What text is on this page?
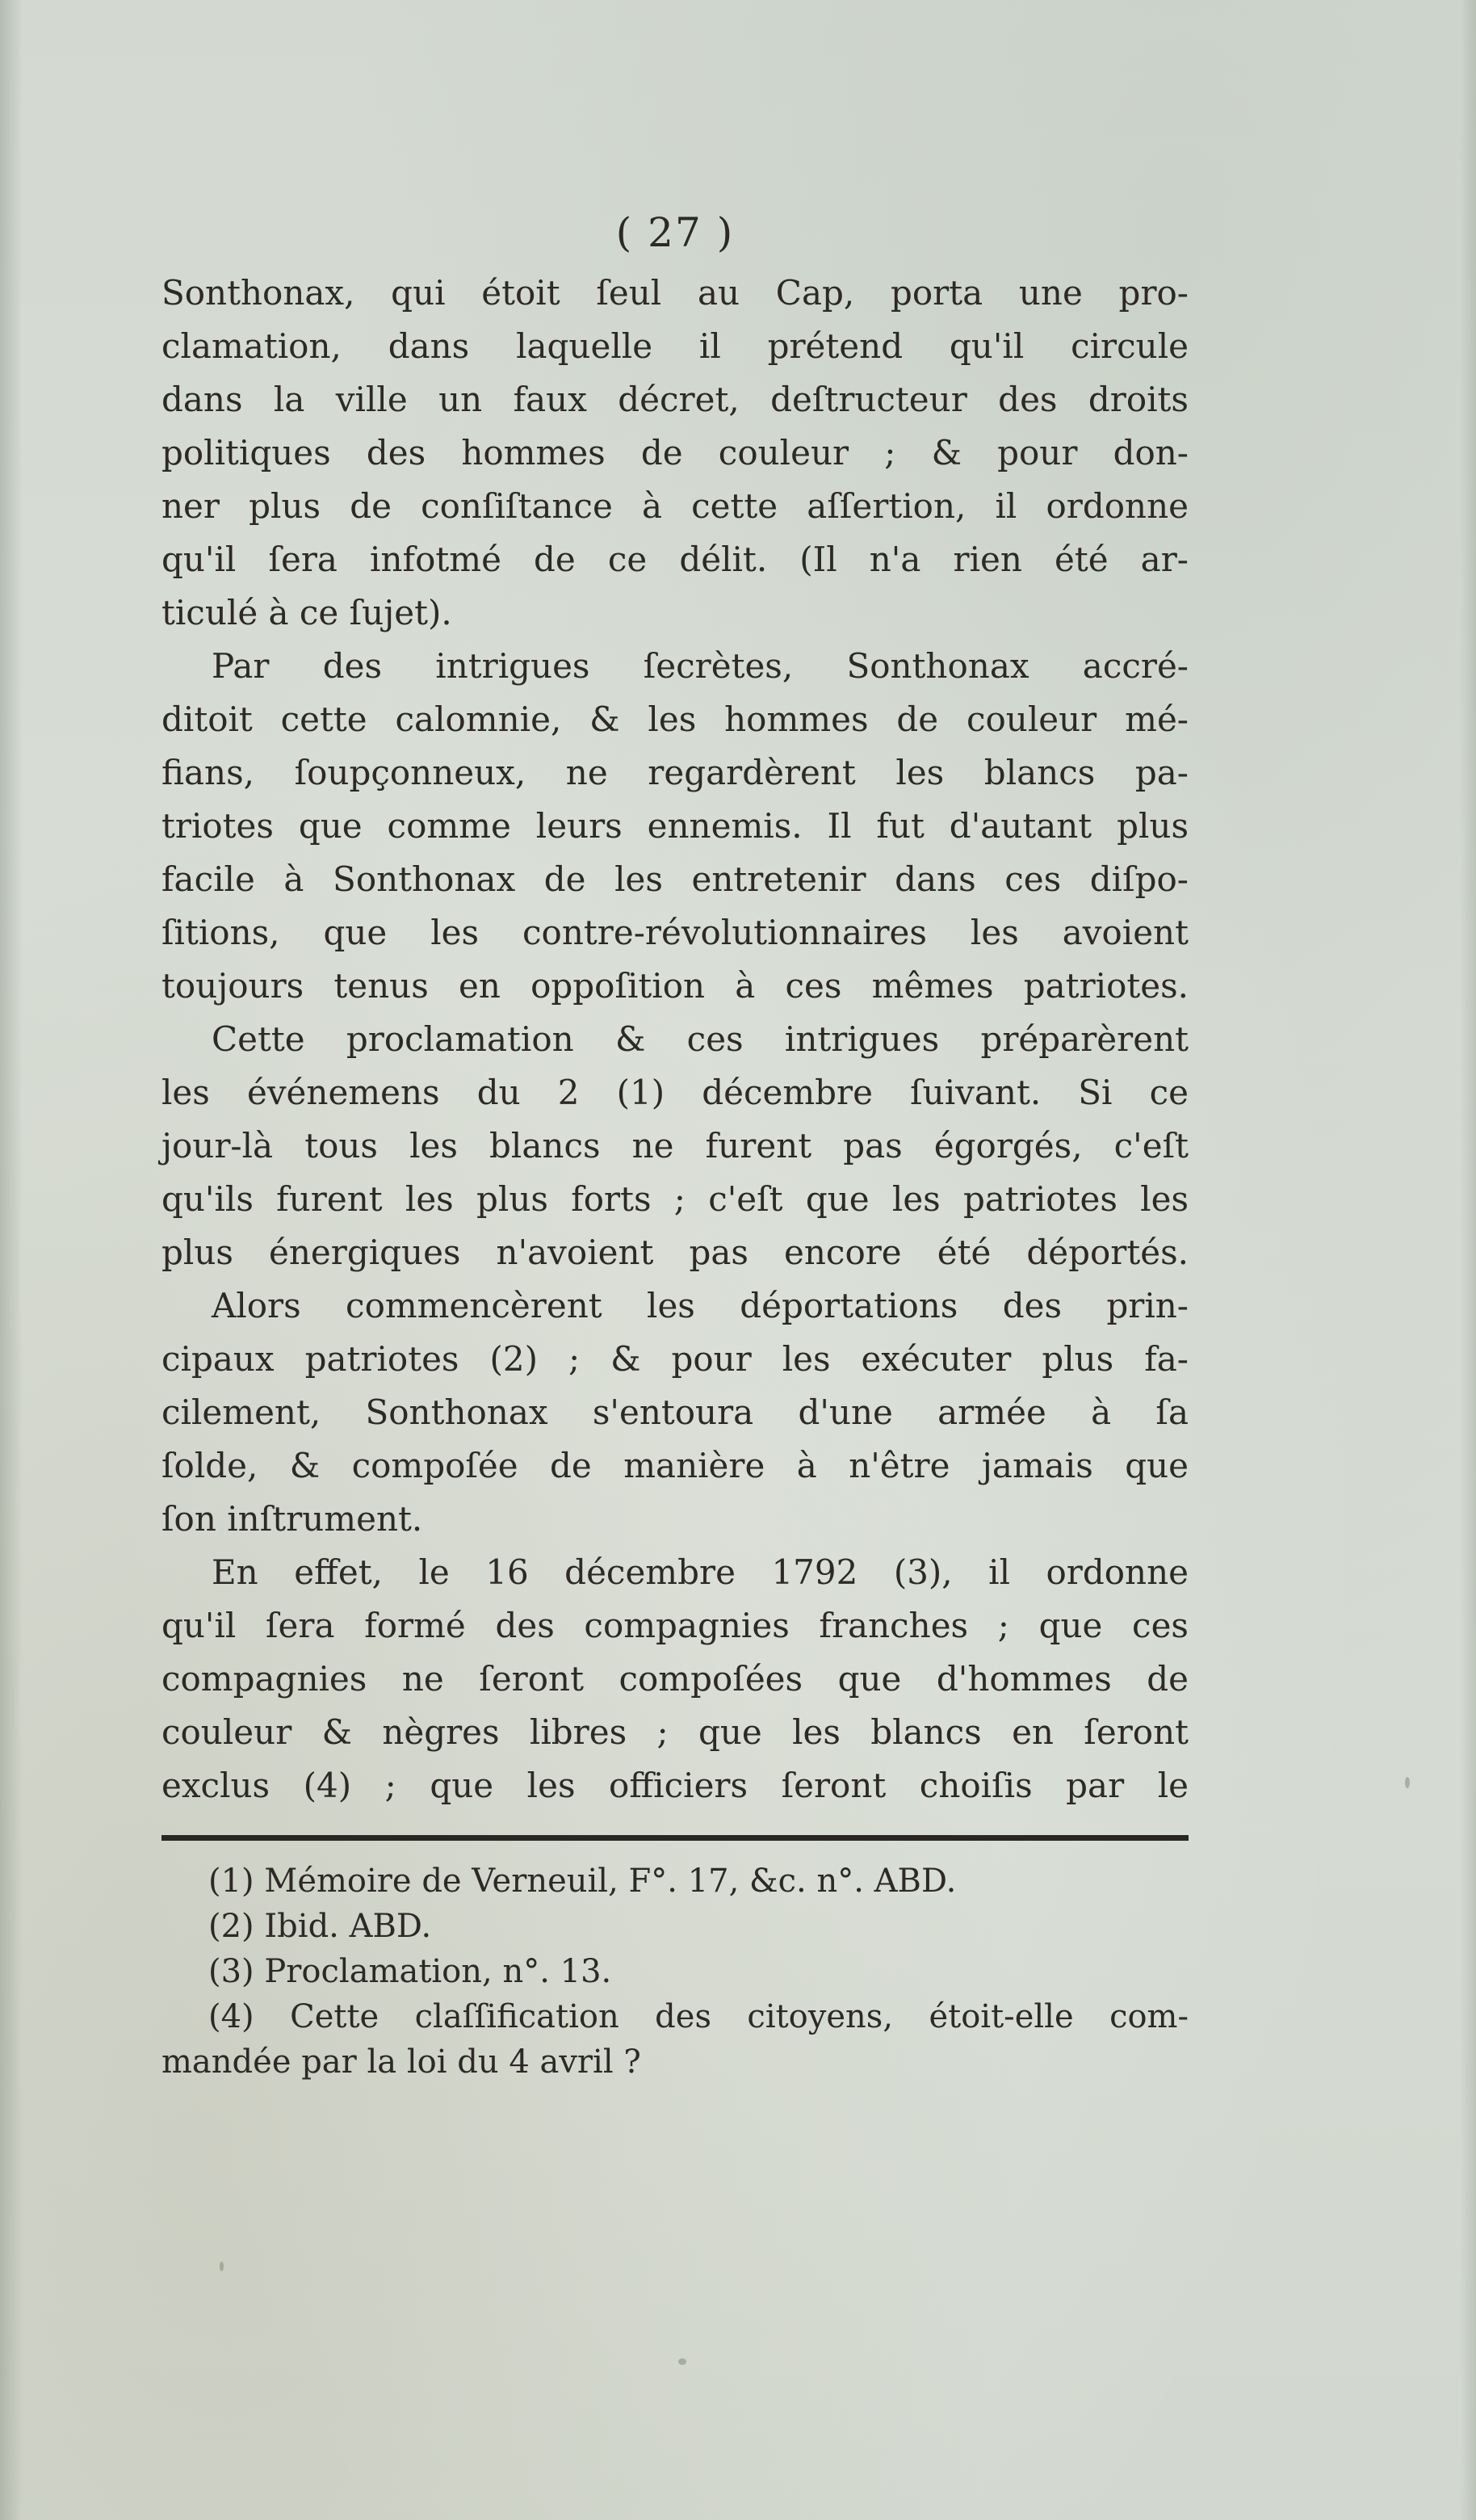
( 27 )
Sonthonax, qui étoit ſeul au Cap, porta une pro-
clamation, dans laquelle il prétend qu'il circule
dans la ville un faux décret, deſtructeur des droits
politiques des hommes de couleur ; & pour don-
ner plus de conſiſtance à cette aſſertion, il ordonne
qu'il ſera infotmé de ce délit. (Il n'a rien été ar-
ticulé à ce ſujet).
Par des intrigues ſecrètes, Sonthonax accré-
ditoit cette calomnie, & les hommes de couleur mé-
fians, ſoupçonneux, ne regardèrent les blancs pa-
triotes que comme leurs ennemis. Il fut d'autant plus
facile à Sonthonax de les entretenir dans ces diſpo-
ſitions, que les contre-révolutionnaires les avoient
toujours tenus en oppoſition à ces mêmes patriotes.
Cette proclamation & ces intrigues préparèrent
les événemens du 2 (1) décembre ſuivant. Si ce
jour-là tous les blancs ne furent pas égorgés, c'eſt
qu'ils furent les plus forts ; c'eſt que les patriotes les
plus énergiques n'avoient pas encore été déportés.
Alors commencèrent les déportations des prin-
cipaux patriotes (2) ; & pour les exécuter plus fa-
cilement, Sonthonax s'entoura d'une armée à ſa
ſolde, & compoſée de manière à n'être jamais que
ſon inſtrument.
En effet, le 16 décembre 1792 (3), il ordonne
qu'il ſera formé des compagnies franches ; que ces
compagnies ne ſeront compoſées que d'hommes de
couleur & nègres libres ; que les blancs en ſeront
exclus (4) ; que les officiers ſeront choiſis par le
(1) Mémoire de Verneuil, F°. 17, &c. n°. ABD.
(2) Ibid. ABD.
(3) Proclamation, n°. 13.
(4) Cette claſſification des citoyens, étoit-elle com-
mandée par la loi du 4 avril ?
